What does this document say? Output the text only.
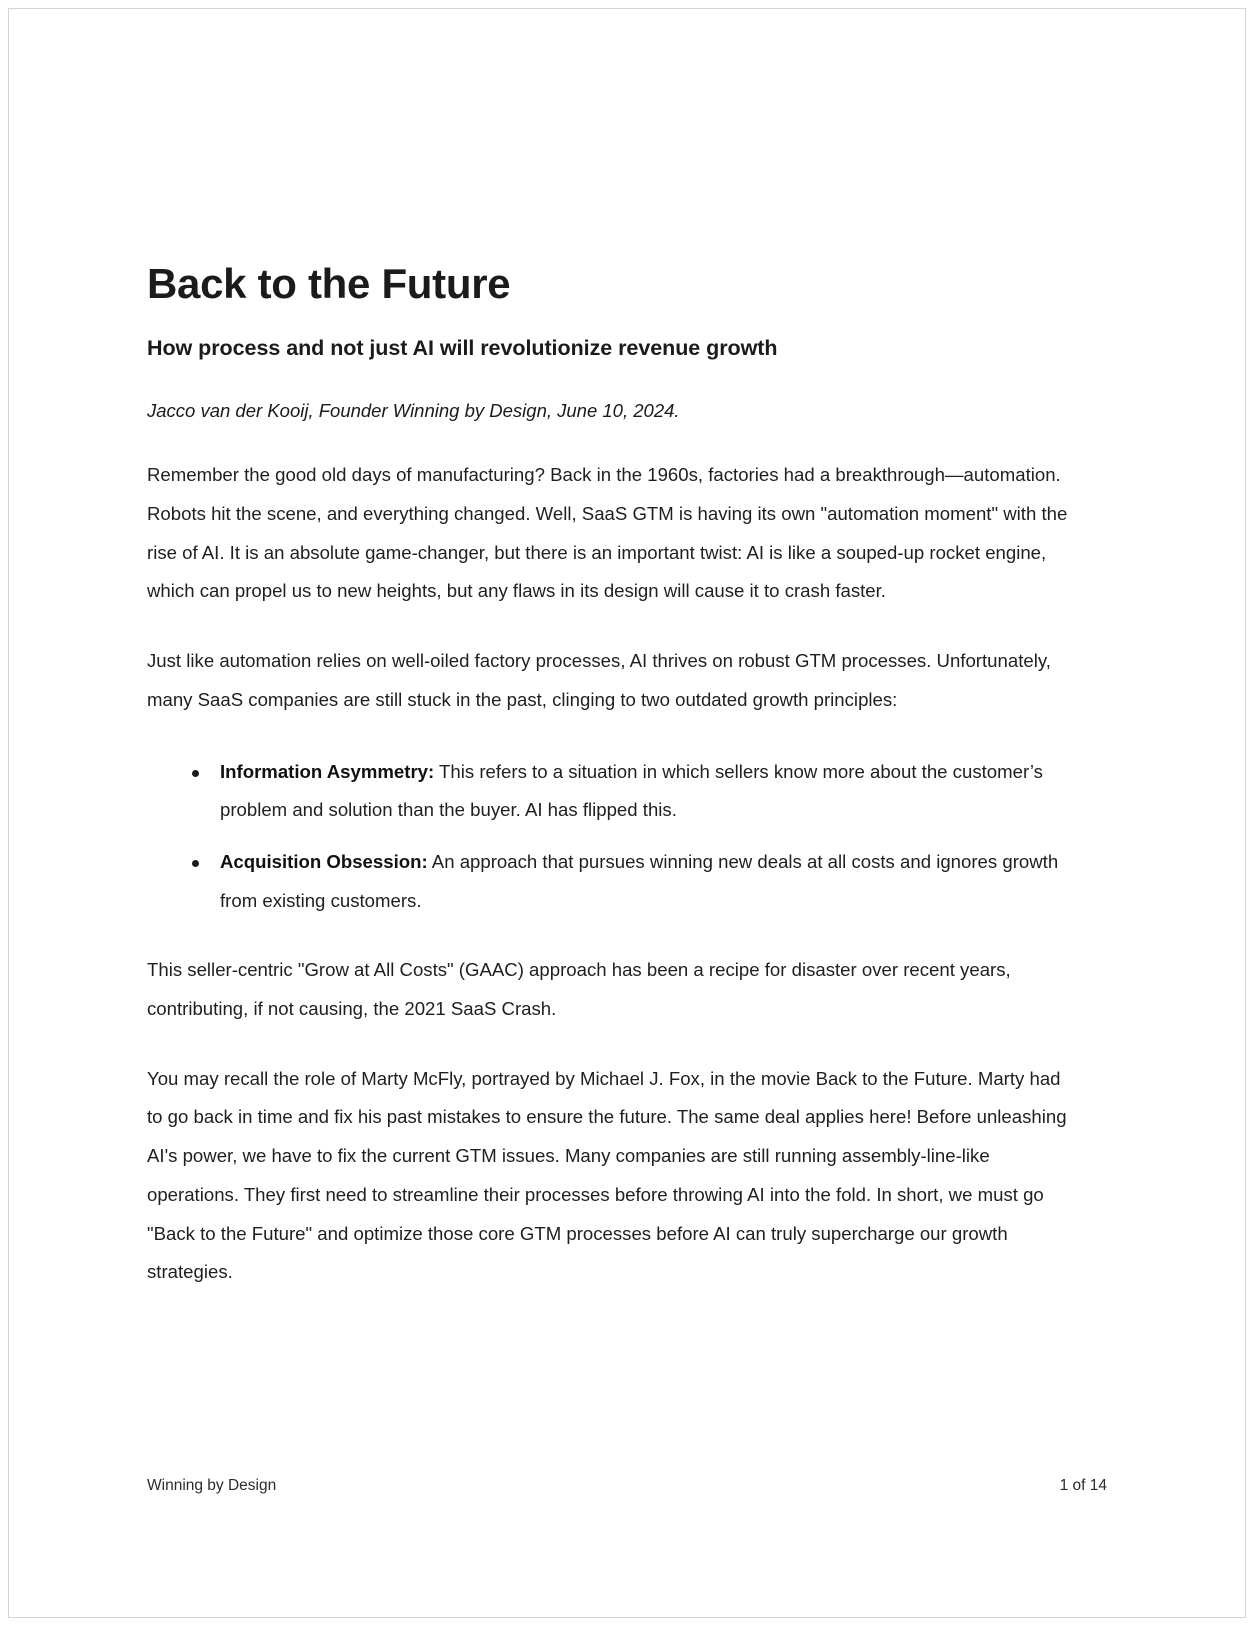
Back to the Future
How process and not just AI will revolutionize revenue growth

Jacco van der Kooij, Founder Winning by Design, June 10, 2024.

Remember the good old days of manufacturing? Back in the 1960s, factories had a breakthrough—automation. Robots hit the scene, and everything changed. Well, SaaS GTM is having its own "automation moment" with the rise of AI. It is an absolute game-changer, but there is an important twist: AI is like a souped-up rocket engine, which can propel us to new heights, but any flaws in its design will cause it to crash faster.

Just like automation relies on well-oiled factory processes, AI thrives on robust GTM processes. Unfortunately, many SaaS companies are still stuck in the past, clinging to two outdated growth principles:

Information Asymmetry: This refers to a situation in which sellers know more about the customer’s problem and solution than the buyer. AI has flipped this.
Acquisition Obsession: An approach that pursues winning new deals at all costs and ignores growth from existing customers.

This seller-centric "Grow at All Costs" (GAAC) approach has been a recipe for disaster over recent years, contributing, if not causing, the 2021 SaaS Crash.

You may recall the role of Marty McFly, portrayed by Michael J. Fox, in the movie Back to the Future. Marty had to go back in time and fix his past mistakes to ensure the future. The same deal applies here! Before unleashing AI's power, we have to fix the current GTM issues. Many companies are still running assembly-line-like operations. They first need to streamline their processes before throwing AI into the fold. In short, we must go "Back to the Future" and optimize those core GTM processes before AI can truly supercharge our growth strategies.

Winning by Design	1 of 14
